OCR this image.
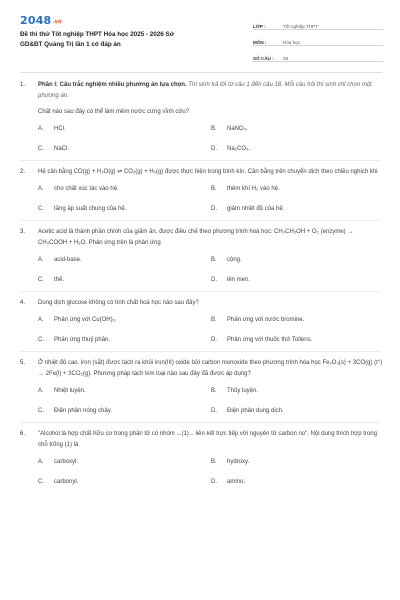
2048.vn
Đề thi thử Tốt nghiệp THPT Hóa học 2025 - 2026 Sở
GD&ĐT Quảng Trị lần 1 có đáp án
LỚP :	Tốt nghiệp THPT
MÔN :	Hóa học
SỐ CÂU :	28
1.	Phần I: Câu trắc nghiệm nhiều phương án lựa chọn. Thí sinh trả lời từ câu 1 đến câu 18. Mỗi câu hỏi thí sinh chỉ chọn một phương án.
Chất nào sau đây có thể làm mềm nước cứng vĩnh cửu?
A.	HCl.	B.	NaNO₃.
C.	NaCl.	D.	Na₂CO₃.
2.	Hệ cân bằng CO(g) + H₂O(g) ⇌ CO₂(g) + H₂(g) được thực hiện trong bình kín. Cân bằng trên chuyển dịch theo chiều nghịch khi
A.	cho chất xúc tác vào hệ.	B.	thêm khí H₂ vào hệ.
C.	tăng áp suất chung của hệ.	D.	giảm nhiệt độ của hệ.
3.	Acetic acid là thành phần chính của giấm ăn, được điều chế theo phương trình hoá học: CH₃CH₂OH + O₂ (enzyme) → CH₃COOH + H₂O. Phản ứng trên là phản ứng
A.	acid-base.	B.	cộng.
C.	thế.	D.	lên men.
4.	Dung dịch glucose không có tính chất hoá học nào sau đây?
A.	Phản ứng với Cu(OH)₂.	B.	Phản ứng với nước bromine.
C.	Phản ứng thuỷ phân.	D.	Phản ứng với thuốc thử Tollens.
5.	Ở nhiệt độ cao, iron (sắt) được tách ra khỏi iron(III) oxide bởi carbon monoxide theo phương trình hóa học Fe₂O₃(s) + 3CO(g) (t°) → 2Fe(l) + 3CO₂(g). Phương pháp tách kim loại nào sau đây đã được áp dụng?
A.	Nhiệt luyện.	B.	Thủy luyện.
C.	Điện phân nóng chảy.	D.	Điện phân dung dịch.
6.	"Alcohol là hợp chất hữu cơ trong phân tử có nhóm ...(1)... liên kết trực tiếp với nguyên tử carbon no". Nội dung thích hợp trong chỗ trống (1) là
A.	carboxyl.	B.	hydroxy.
C.	carbonyl.	D.	amino.
